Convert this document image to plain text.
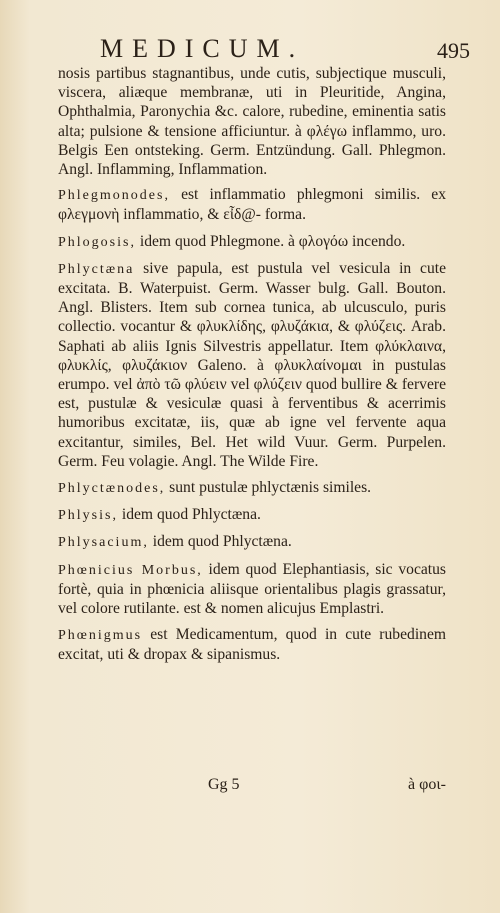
MEDICUM.	495

nosis partibus stagnantibus, unde cutis, subjectique musculi, viscera, aliæque membranæ, uti in Pleuritide, Angina, Ophthalmia, Paronychia &c. calore, rubedine, eminentia satis alta; pulsione & tensione afficiuntur. à φλέγω inflammo, uro. Belgis Een ontsteking. Germ. Entzündung. Gall. Phlegmon. Angl. Inflamming, Inflammation.

Phlegmonodes, est inflammatio phlegmoni similis. ex φλεγμονὴ inflammatio, & εἶδ@- forma.

Phlogosis, idem quod Phlegmone. à φλογόω incendo.

Phlyctæna sive papula, est pustula vel vesicula in cute excitata. B. Waterpuist. Germ. Wasser bulg. Gall. Bouton. Angl. Blisters. Item sub cornea tunica, ab ulcusculo, puris collectio. vocantur & φλυκλίδης, φλυζάκια, & φλύζεις. Arab. Saphati ab aliis Ignis Silvestris appellatur. Item φλύκλαινα, φλυκλίς, φλυζάκιον Galeno. à φλυκλαίνομαι in pustulas erumpo. vel ἀπὸ τῶ φλύειν vel φλύζειν quod bullire & fervere est, pustulæ & vesiculæ quasi à ferventibus & acerrimis humoribus excitatæ, iis, quæ ab igne vel fervente aqua excitantur, similes, Bel. Het wild Vuur. Germ. Purpelen. Germ. Feu volagie. Angl. The Wilde Fire.

Phlyctænodes, sunt pustulæ phlyctænis similes.

Phlysis, idem quod Phlyctæna.

Phlysacium, idem quod Phlyctæna.

Phœnicius Morbus, idem quod Elephantiasis, sic vocatus fortè, quia in phœnicia aliisque orientalibus plagis grassatur, vel colore rutilante. est & nomen alicujus Emplastri.

Phœnigmus est Medicamentum, quod in cute rubedinem excitat, uti & dropax & sipanismus.

Gg 5	à φοι-
